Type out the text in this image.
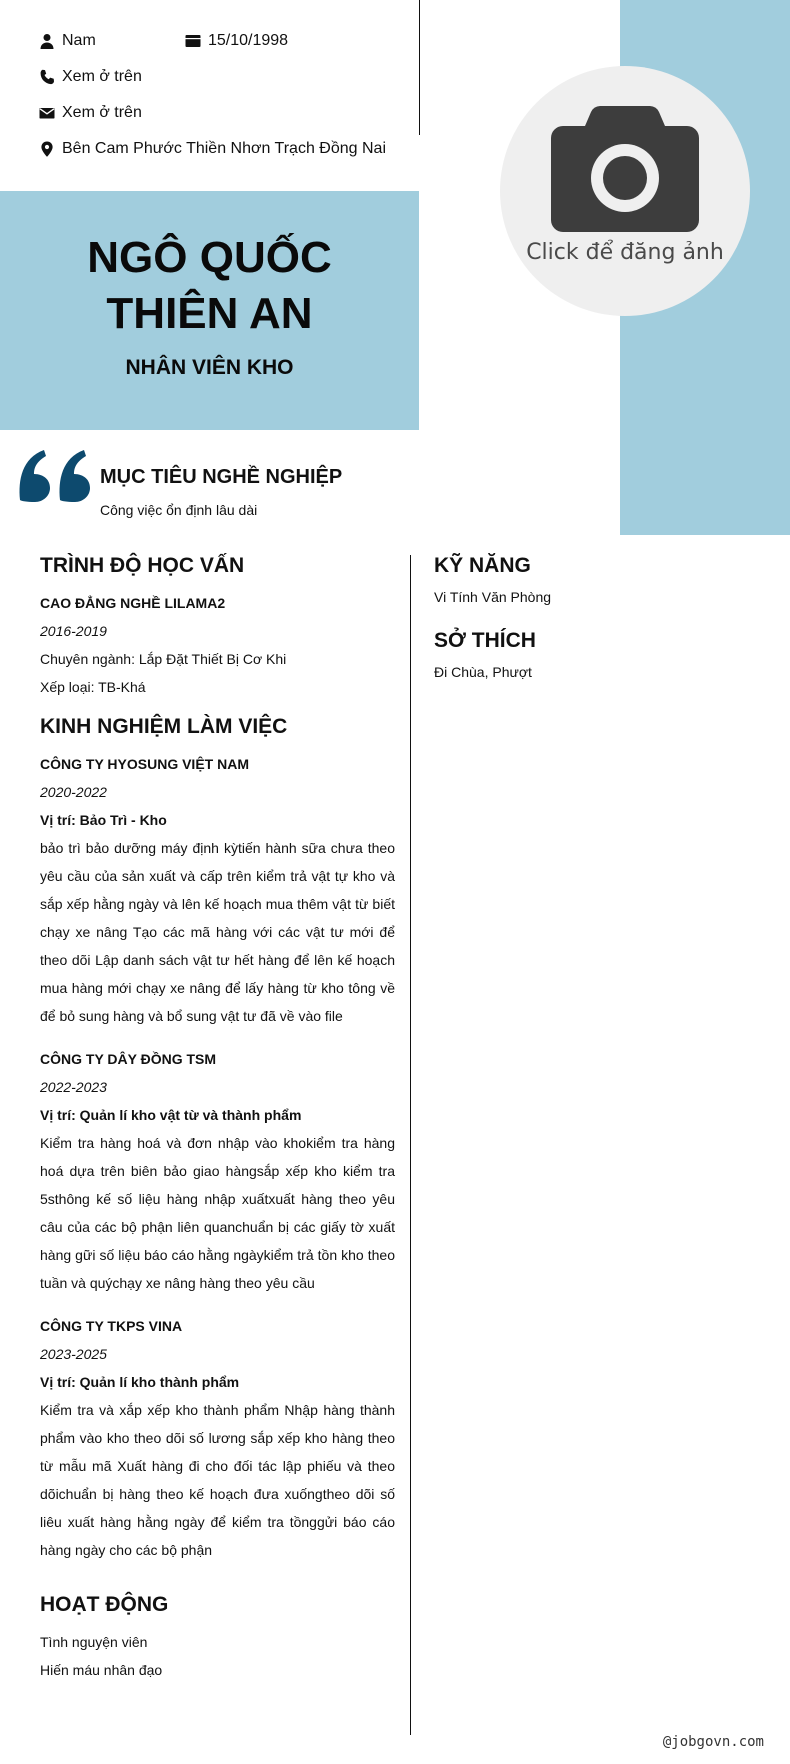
Nam	15/10/1998
Xem ở trên
Xem ở trên
Bên Cam Phước Thiền Nhơn Trạch Đồng Nai
Click để đăng ảnh
NGÔ QUỐC
THIÊN AN
NHÂN VIÊN KHO
MỤC TIÊU NGHỀ NGHIỆP
Công việc ổn định lâu dài
TRÌNH ĐỘ HỌC VẤN
CAO ĐẲNG NGHỀ LILAMA2
2016-2019
Chuyên ngành: Lắp Đặt Thiết Bị Cơ Khi
Xếp loại: TB-Khá
KINH NGHIỆM LÀM VIỆC
CÔNG TY HYOSUNG VIỆT NAM
2020-2022
Vị trí: Bảo Trì - Kho
bảo trì bảo dưỡng máy định kỳtiến hành sữa chưa theo yêu cầu của sản xuất và cấp trên kiểm trả vật tự kho và sắp xếp hằng ngày và lên kế hoạch mua thêm vật từ biết chạy xe nâng Tạo các mã hàng với các vật tư mới để theo dõi Lập danh sách vật tư hết hàng để lên kế hoạch mua hàng mới chạy xe nâng để lấy hàng từ kho tông về để bỏ sung hàng và bổ sung vật tư đã về vào file
CÔNG TY DÂY ĐỒNG TSM
2022-2023
Vị trí: Quản lí kho vật từ và thành phẩm
Kiểm tra hàng hoá và đơn nhập vào khokiểm tra hàng hoá dựa trên biên bảo giao hàngsắp xếp kho kiểm tra 5sthông kế số liệu hàng nhập xuấtxuất hàng theo yêu câu của các bộ phận liên quanchuẩn bị các giấy tờ xuất hàng gữi số liệu báo cáo hằng ngàykiểm trả tồn kho theo tuần và quýchạy xe nâng hàng theo yêu cầu
CÔNG TY TKPS VINA
2023-2025
Vị trí: Quản lí kho thành phẩm
Kiểm tra và xắp xếp kho thành phẩm Nhập hàng thành phẩm vào kho theo dõi số lương sắp xếp kho hàng theo từ mẫu mã Xuất hàng đi cho đối tác lập phiếu và theo dõichuẩn bị hàng theo kế hoạch đưa xuốngtheo dõi số liêu xuất hàng hằng ngày để kiểm tra tồnggửi báo cáo hàng ngày cho các bộ phận
HOẠT ĐỘNG
Tình nguyện viên
Hiến máu nhân đạo
KỸ NĂNG
Vi Tính Văn Phòng
SỞ THÍCH
Đi Chùa, Phượt
@jobgovn.com
